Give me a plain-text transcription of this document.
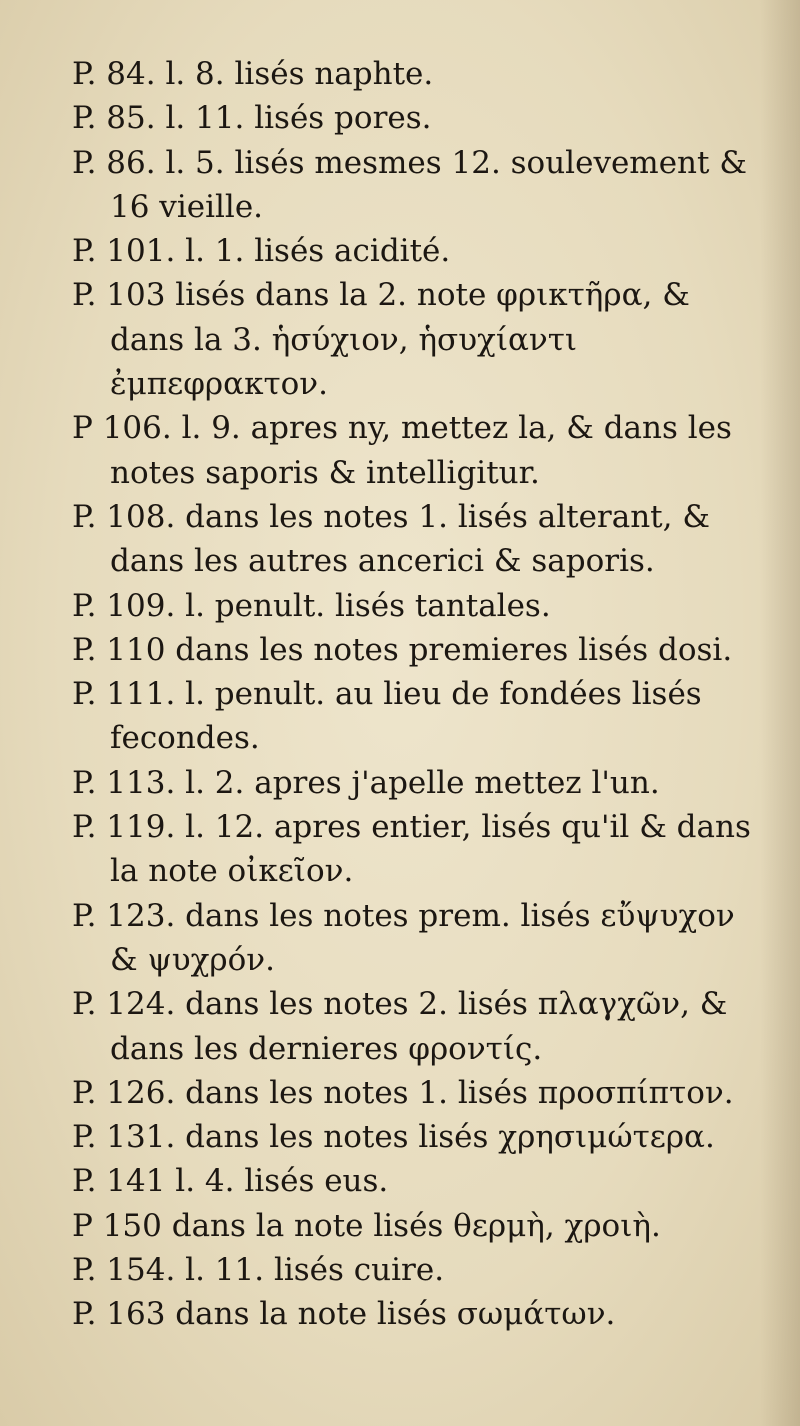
P. 84. l. 8. lisés naphte.

P. 85. l. 11. lisés pores.

P. 86. l. 5. lisés mesmes 12. soulevement & 16 vieille.

P. 101. l. 1. lisés acidité.

P. 103 lisés dans la 2. note φρικτῆρα, & dans la 3. ἡσύχιον, ἡσυχίαντι ἐμπεφρακτον.

P 106. l. 9. apres ny, mettez la, & dans les notes saporis & intelligitur.

P. 108. dans les notes 1. lisés alterant, & dans les autres ancerici & saporis.

P. 109. l. penult. lisés tantales.

P. 110 dans les notes premieres lisés dosi.

P. 111. l. penult. au lieu de fondées lisés fecondes.

P. 113. l. 2. apres j'apelle mettez l'un.

P. 119. l. 12. apres entier, lisés qu'il & dans la note οἰκεῖον.

P. 123. dans les notes prem. lisés εὔψυχον & ψυχρόν.

P. 124. dans les notes 2. lisés πλαγχῶν, & dans les dernieres φροντίς.

P. 126. dans les notes 1. lisés προσπίπτον.

P. 131. dans les notes lisés χρησιμώτερα.

P. 141 l. 4. lisés eus.

P 150 dans la note lisés θερμὴ, χροιὴ.

P. 154. l. 11. lisés cuire.

P. 163 dans la note lisés σωμάτων.
